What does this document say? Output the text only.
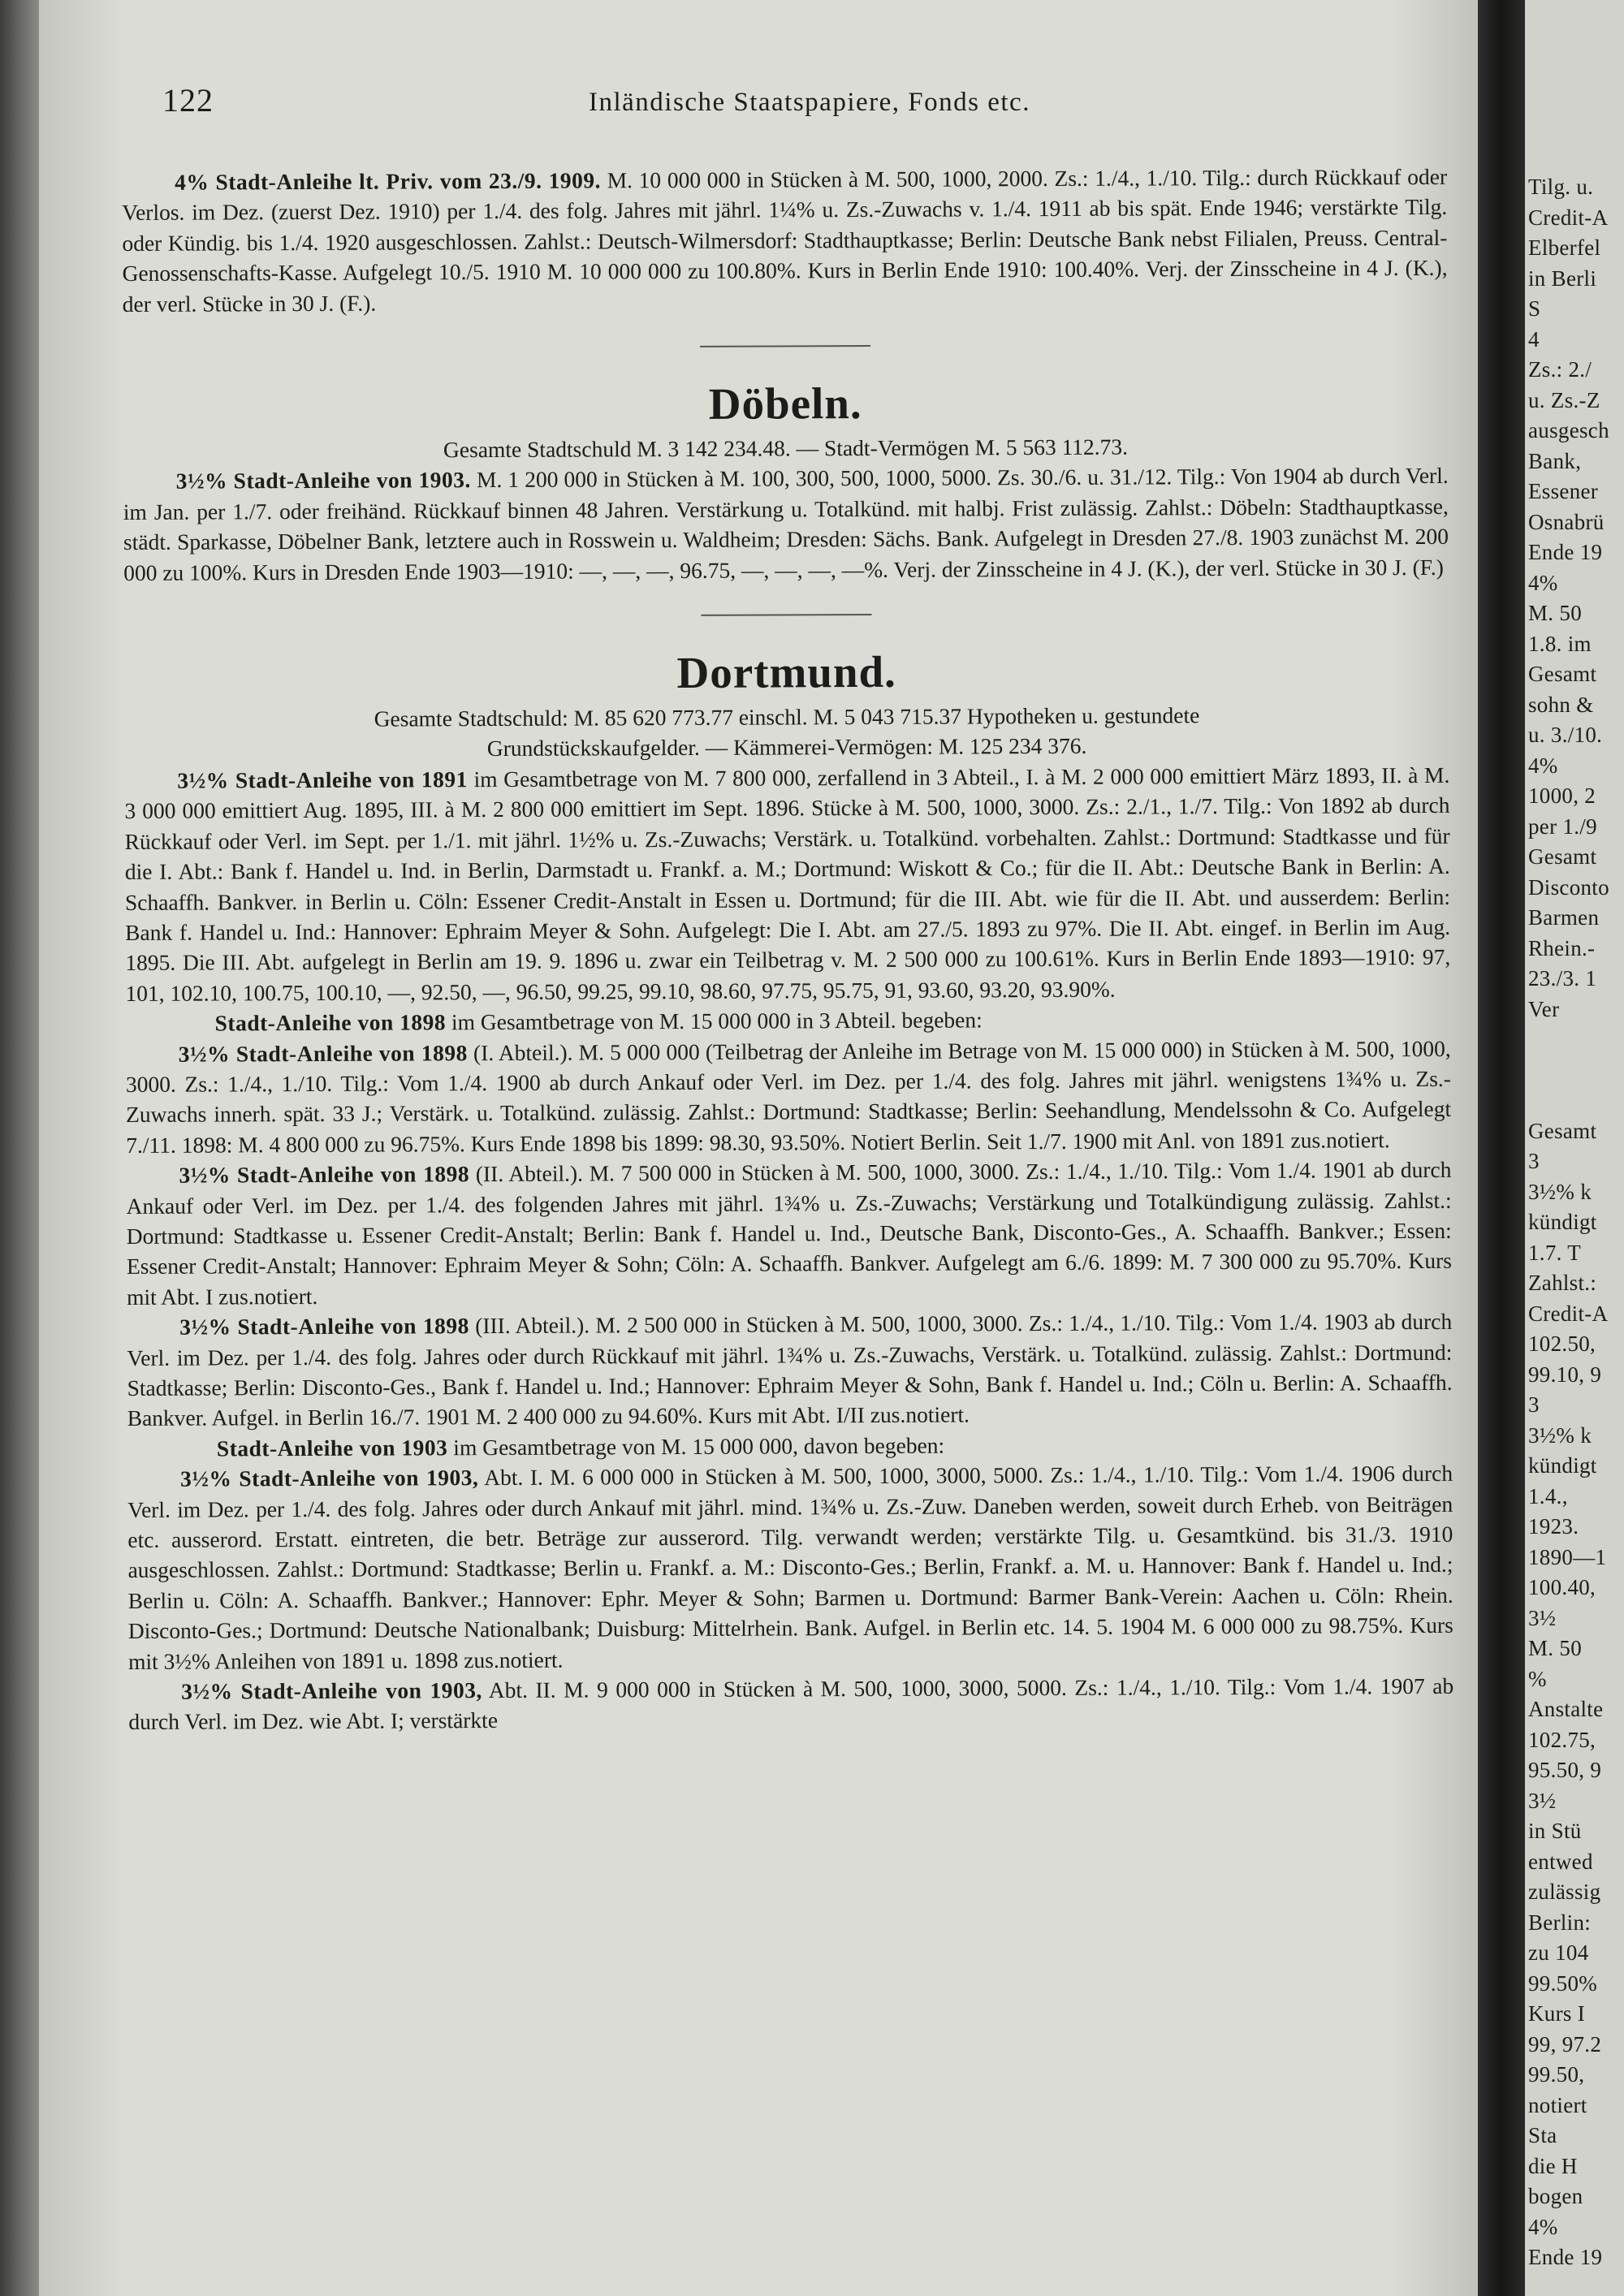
122	Inländische Staatspapiere, Fonds etc.

4% Stadt-Anleihe lt. Priv. vom 23./9. 1909. M. 10 000 000 in Stücken à M. 500, 1000, 2000. Zs.: 1./4., 1./10. Tilg.: durch Rückkauf oder Verlos. im Dez. (zuerst Dez. 1910) per 1./4. des folg. Jahres mit jährl. 1¼% u. Zs.-Zuwachs v. 1./4. 1911 ab bis spät. Ende 1946; verstärkte Tilg. oder Kündig. bis 1./4. 1920 ausgeschlossen. Zahlst.: Deutsch-Wilmersdorf: Stadthauptkasse; Berlin: Deutsche Bank nebst Filialen, Preuss. Central-Genossenschafts-Kasse. Aufgelegt 10./5. 1910 M. 10 000 000 zu 100.80%. Kurs in Berlin Ende 1910: 100.40%. Verj. der Zinsscheine in 4 J. (K.), der verl. Stücke in 30 J. (F.).

Döbeln.

Gesamte Stadtschuld M. 3 142 234.48. — Stadt-Vermögen M. 5 563 112.73.

3½% Stadt-Anleihe von 1903. M. 1 200 000 in Stücken à M. 100, 300, 500, 1000, 5000. Zs. 30./6. u. 31./12. Tilg.: Von 1904 ab durch Verl. im Jan. per 1./7. oder freihänd. Rückkauf binnen 48 Jahren. Verstärkung u. Totalkünd. mit halbj. Frist zulässig. Zahlst.: Döbeln: Stadthauptkasse, städt. Sparkasse, Döbelner Bank, letztere auch in Rosswein u. Waldheim; Dresden: Sächs. Bank. Aufgelegt in Dresden 27./8. 1903 zunächst M. 200 000 zu 100%. Kurs in Dresden Ende 1903—1910: —, —, —, 96.75, —, —, —, —%. Verj. der Zinsscheine in 4 J. (K.), der verl. Stücke in 30 J. (F.)

Dortmund.

Gesamte Stadtschuld: M. 85 620 773.77 einschl. M. 5 043 715.37 Hypotheken u. gestundete
Grundstückskaufgelder. — Kämmerei-Vermögen: M. 125 234 376.

3½% Stadt-Anleihe von 1891 im Gesamtbetrage von M. 7 800 000, zerfallend in 3 Abteil., I. à M. 2 000 000 emittiert März 1893, II. à M. 3 000 000 emittiert Aug. 1895, III. à M. 2 800 000 emittiert im Sept. 1896. Stücke à M. 500, 1000, 3000. Zs.: 2./1., 1./7. Tilg.: Von 1892 ab durch Rückkauf oder Verl. im Sept. per 1./1. mit jährl. 1½% u. Zs.-Zuwachs; Verstärk. u. Totalkünd. vorbehalten. Zahlst.: Dortmund: Stadtkasse und für die I. Abt.: Bank f. Handel u. Ind. in Berlin, Darmstadt u. Frankf. a. M.; Dortmund: Wiskott & Co.; für die II. Abt.: Deutsche Bank in Berlin: A. Schaaffh. Bankver. in Berlin u. Cöln: Essener Credit-Anstalt in Essen u. Dortmund; für die III. Abt. wie für die II. Abt. und ausserdem: Berlin: Bank f. Handel u. Ind.: Hannover: Ephraim Meyer & Sohn. Aufgelegt: Die I. Abt. am 27./5. 1893 zu 97%. Die II. Abt. eingef. in Berlin im Aug. 1895. Die III. Abt. aufgelegt in Berlin am 19. 9. 1896 u. zwar ein Teilbetrag v. M. 2 500 000 zu 100.61%. Kurs in Berlin Ende 1893—1910: 97, 101, 102.10, 100.75, 100.10, —, 92.50, —, 96.50, 99.25, 99.10, 98.60, 97.75, 95.75, 91, 93.60, 93.20, 93.90%.

Stadt-Anleihe von 1898 im Gesamtbetrage von M. 15 000 000 in 3 Abteil. begeben:

3½% Stadt-Anleihe von 1898 (I. Abteil.). M. 5 000 000 (Teilbetrag der Anleihe im Betrage von M. 15 000 000) in Stücken à M. 500, 1000, 3000. Zs.: 1./4., 1./10. Tilg.: Vom 1./4. 1900 ab durch Ankauf oder Verl. im Dez. per 1./4. des folg. Jahres mit jährl. wenigstens 1¾% u. Zs.-Zuwachs innerh. spät. 33 J.; Verstärk. u. Totalkünd. zulässig. Zahlst.: Dortmund: Stadtkasse; Berlin: Seehandlung, Mendelssohn & Co. Aufgelegt 7./11. 1898: M. 4 800 000 zu 96.75%. Kurs Ende 1898 bis 1899: 98.30, 93.50%. Notiert Berlin. Seit 1./7. 1900 mit Anl. von 1891 zus.notiert.

3½% Stadt-Anleihe von 1898 (II. Abteil.). M. 7 500 000 in Stücken à M. 500, 1000, 3000. Zs.: 1./4., 1./10. Tilg.: Vom 1./4. 1901 ab durch Ankauf oder Verl. im Dez. per 1./4. des folgenden Jahres mit jährl. 1¾% u. Zs.-Zuwachs; Verstärkung und Totalkündigung zulässig. Zahlst.: Dortmund: Stadtkasse u. Essener Credit-Anstalt; Berlin: Bank f. Handel u. Ind., Deutsche Bank, Disconto-Ges., A. Schaaffh. Bankver.; Essen: Essener Credit-Anstalt; Hannover: Ephraim Meyer & Sohn; Cöln: A. Schaaffh. Bankver. Aufgelegt am 6./6. 1899: M. 7 300 000 zu 95.70%. Kurs mit Abt. I zus.notiert.

3½% Stadt-Anleihe von 1898 (III. Abteil.). M. 2 500 000 in Stücken à M. 500, 1000, 3000. Zs.: 1./4., 1./10. Tilg.: Vom 1./4. 1903 ab durch Verl. im Dez. per 1./4. des folg. Jahres oder durch Rückkauf mit jährl. 1¾% u. Zs.-Zuwachs, Verstärk. u. Totalkünd. zulässig. Zahlst.: Dortmund: Stadtkasse; Berlin: Disconto-Ges., Bank f. Handel u. Ind.; Hannover: Ephraim Meyer & Sohn, Bank f. Handel u. Ind.; Cöln u. Berlin: A. Schaaffh. Bankver. Aufgel. in Berlin 16./7. 1901 M. 2 400 000 zu 94.60%. Kurs mit Abt. I/II zus.notiert.

Stadt-Anleihe von 1903 im Gesamtbetrage von M. 15 000 000, davon begeben:

3½% Stadt-Anleihe von 1903, Abt. I. M. 6 000 000 in Stücken à M. 500, 1000, 3000, 5000. Zs.: 1./4., 1./10. Tilg.: Vom 1./4. 1906 durch Verl. im Dez. per 1./4. des folg. Jahres oder durch Ankauf mit jährl. mind. 1¾% u. Zs.-Zuw. Daneben werden, soweit durch Erheb. von Beiträgen etc. ausserord. Erstatt. eintreten, die betr. Beträge zur ausserord. Tilg. verwandt werden; verstärkte Tilg. u. Gesamtkünd. bis 31./3. 1910 ausgeschlossen. Zahlst.: Dortmund: Stadtkasse; Berlin u. Frankf. a. M.: Disconto-Ges.; Berlin, Frankf. a. M. u. Hannover: Bank f. Handel u. Ind.; Berlin u. Cöln: A. Schaaffh. Bankver.; Hannover: Ephr. Meyer & Sohn; Barmen u. Dortmund: Barmer Bank-Verein: Aachen u. Cöln: Rhein. Disconto-Ges.; Dortmund: Deutsche Nationalbank; Duisburg: Mittelrhein. Bank. Aufgel. in Berlin etc. 14. 5. 1904 M. 6 000 000 zu 98.75%. Kurs mit 3½% Anleihen von 1891 u. 1898 zus.notiert.

3½% Stadt-Anleihe von 1903, Abt. II. M. 9 000 000 in Stücken à M. 500, 1000, 3000, 5000. Zs.: 1./4., 1./10. Tilg.: Vom 1./4. 1907 ab durch Verl. im Dez. wie Abt. I; verstärkte

Tilg. u.
Credit-A
Elberfel
in Berli
S
4
Zs.: 2./
u. Zs.-Z
ausgesch
Bank,
Essener
Osnabrü
Ende 19
4%
M. 50
1.8. im
Gesamt
sohn &
u. 3./10.
4%
1000, 2
per 1./9
Gesamt
Disconto
Barmen
Rhein.-
23./3. 1
Ver

Gesamt
3
3½% k
kündigt
1.7. T
Zahlst.:
Credit-A
102.50,
99.10, 9
3
3½% k
kündigt
1.4.,
1923.
1890—1
100.40,
3½
M. 50
%
Anstalte
102.75,
95.50, 9
3½
in Stü
entwed
zulässig
Berlin:
zu 104
99.50%
Kurs I
99, 97.2
99.50,
notiert
Sta
die H
bogen
4%
Ende 19
